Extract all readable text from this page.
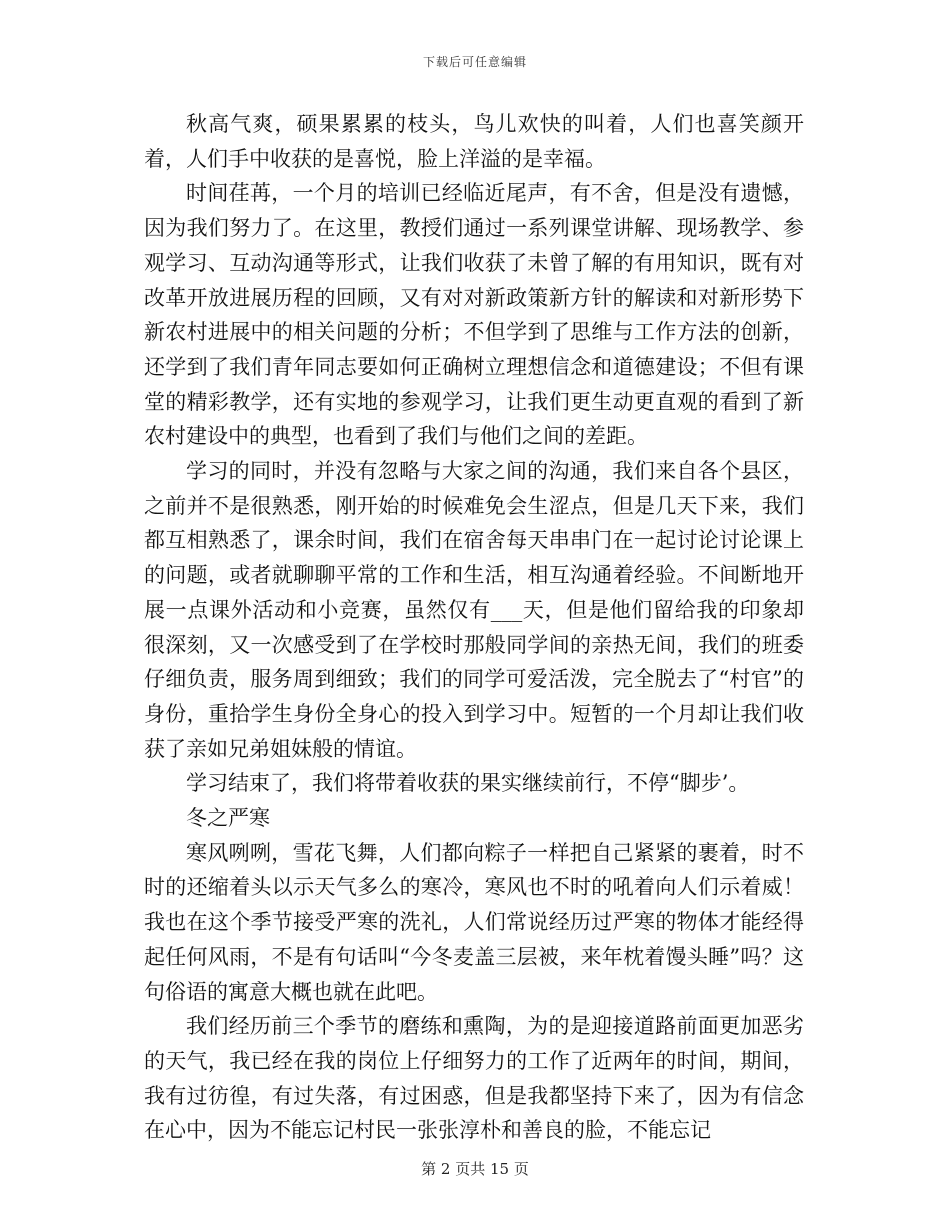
下载后可任意编辑

秋高气爽，硕果累累的枝头，鸟儿欢快的叫着，人们也喜笑颜开着，人们手中收获的是喜悦，脸上洋溢的是幸福。

时间荏苒，一个月的培训已经临近尾声，有不舍，但是没有遗憾，因为我们努力了。在这里，教授们通过一系列课堂讲解、现场教学、参观学习、互动沟通等形式，让我们收获了未曾了解的有用知识，既有对改革开放进展历程的回顾，又有对对新政策新方针的解读和对新形势下新农村进展中的相关问题的分析；不但学到了思维与工作方法的创新，还学到了我们青年同志要如何正确树立理想信念和道德建设；不但有课堂的精彩教学，还有实地的参观学习，让我们更生动更直观的看到了新农村建设中的典型，也看到了我们与他们之间的差距。

学习的同时，并没有忽略与大家之间的沟通，我们来自各个县区，之前并不是很熟悉，刚开始的时候难免会生涩点，但是几天下来，我们都互相熟悉了，课余时间，我们在宿舍每天串串门在一起讨论讨论课上的问题，或者就聊聊平常的工作和生活，相互沟通着经验。不间断地开展一点课外活动和小竞赛，虽然仅有___天，但是他们留给我的印象却很深刻，又一次感受到了在学校时那般同学间的亲热无间，我们的班委仔细负责，服务周到细致；我们的同学可爱活泼，完全脱去了“村官”的身份，重拾学生身份全身心的投入到学习中。短暂的一个月却让我们收获了亲如兄弟姐妹般的情谊。

学习结束了，我们将带着收获的果实继续前行，不停“脚步’。

冬之严寒

寒风咧咧，雪花飞舞，人们都向粽子一样把自己紧紧的裹着，时不时的还缩着头以示天气多么的寒冷，寒风也不时的吼着向人们示着威！我也在这个季节接受严寒的洗礼，人们常说经历过严寒的物体才能经得起任何风雨，不是有句话叫“今冬麦盖三层被，来年枕着馒头睡”吗？这句俗语的寓意大概也就在此吧。

我们经历前三个季节的磨练和熏陶，为的是迎接道路前面更加恶劣的天气，我已经在我的岗位上仔细努力的工作了近两年的时间，期间，我有过彷徨，有过失落，有过困惑，但是我都坚持下来了，因为有信念在心中，因为不能忘记村民一张张淳朴和善良的脸，不能忘记

第 2 页共 15 页
